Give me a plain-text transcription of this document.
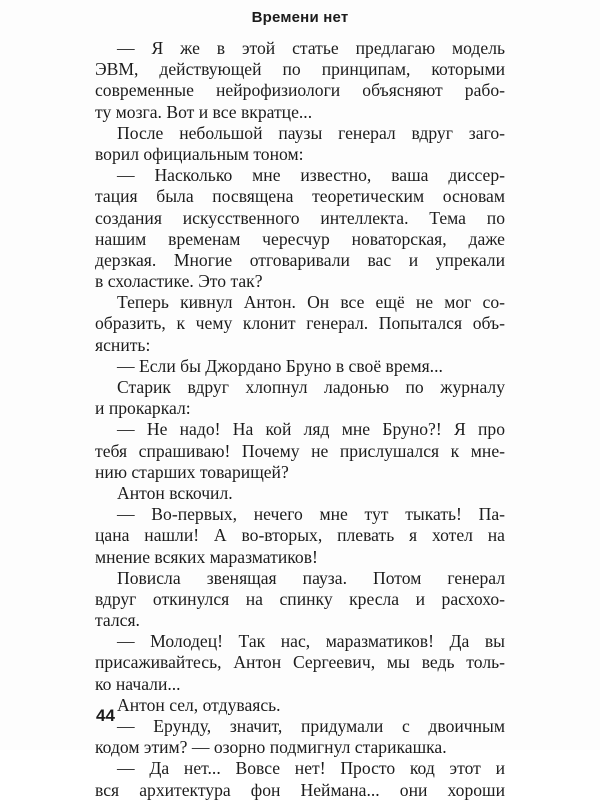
Времени нет
— Я же в этой статье предлагаю модель
ЭВМ, действующей по принципам, которыми
современные нейрофизиологи объясняют рабо-
ту мозга. Вот и все вкратце...
После небольшой паузы генерал вдруг заго-
ворил официальным тоном:
— Насколько мне известно, ваша диссер-
тация была посвящена теоретическим основам
создания искусственного интеллекта. Тема по
нашим временам чересчур новаторская, даже
дерзкая. Многие отговаривали вас и упрекали
в схоластике. Это так?
Теперь кивнул Антон. Он все ещё не мог со-
образить, к чему клонит генерал. Попытался объ-
яснить:
— Если бы Джордано Бруно в своё время...
Старик вдруг хлопнул ладонью по журналу
и прокаркал:
— Не надо! На кой ляд мне Бруно?! Я про
тебя спрашиваю! Почему не прислушался к мне-
нию старших товарищей?
Антон вскочил.
— Во-первых, нечего мне тут тыкать! Па-
цана нашли! А во-вторых, плевать я хотел на
мнение всяких маразматиков!
Повисла звенящая пауза. Потом генерал
вдруг откинулся на спинку кресла и расхохо-
тался.
— Молодец! Так нас, маразматиков! Да вы
присаживайтесь, Антон Сергеевич, мы ведь толь-
ко начали...
Антон сел, отдуваясь.
— Ерунду, значит, придумали с двоичным
кодом этим? — озорно подмигнул старикашка.
— Да нет... Вовсе нет! Просто код этот и
вся архитектура фон Неймана... они хороши
44
